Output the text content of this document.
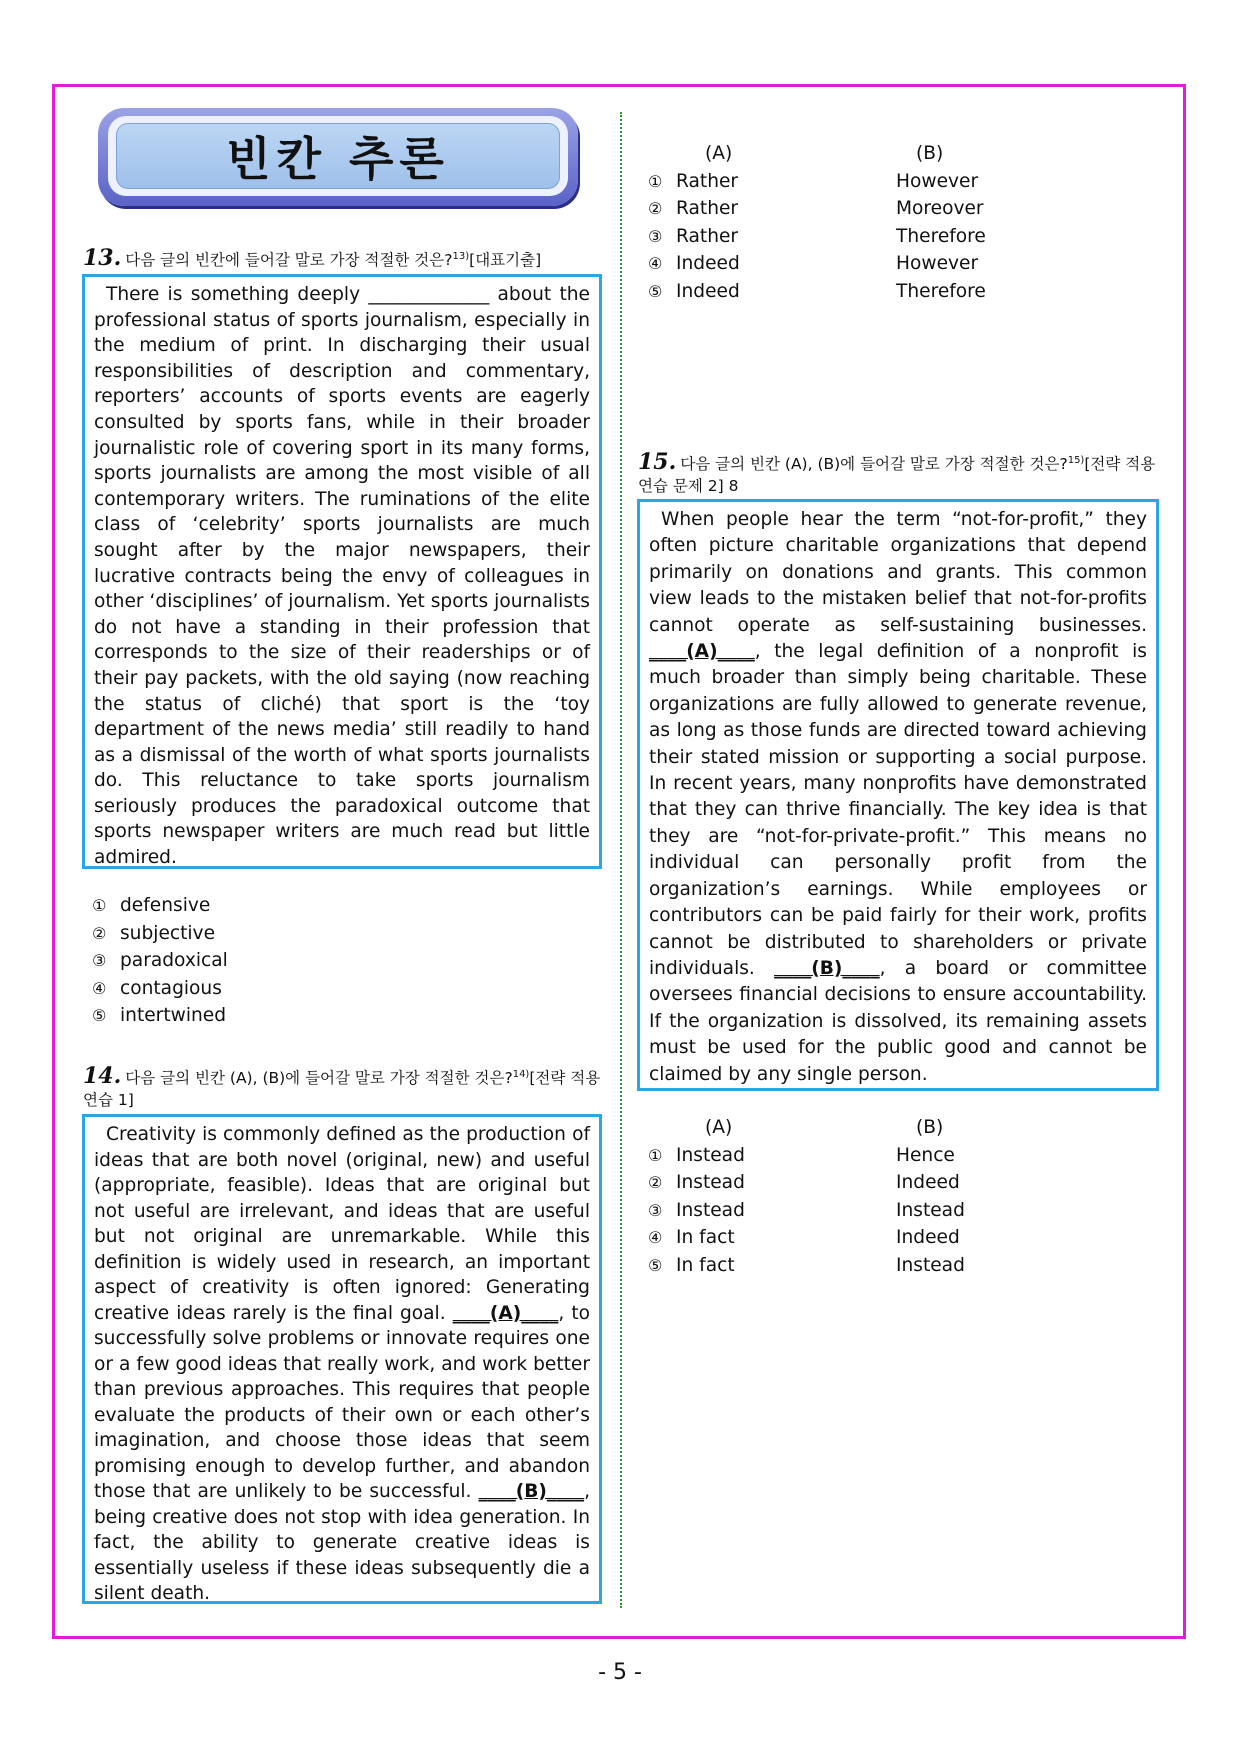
빈칸 추론
13. 다음 글의 빈칸에 들어갈 말로 가장 적절한 것은?$^{13)}$[대표기출]

There is something deeply _____________ about the professional status of sports journalism, especially in the medium of print. In discharging their usual responsibilities of description and commentary, reporters’ accounts of sports events are eagerly consulted by sports fans, while in their broader journalistic role of covering sport in its many forms, sports journalists are among the most visible of all contemporary writers. The ruminations of the elite class of ‘celebrity’ sports journalists are much sought after by the major newspapers, their lucrative contracts being the envy of colleagues in other ‘disciplines’ of journalism. Yet sports journalists do not have a standing in their profession that corresponds to the size of their readerships or of their pay packets, with the old saying (now reaching the status of cliché) that sport is the ‘toy department of the news media’ still readily to hand as a dismissal of the worth of what sports journalists do. This reluctance to take sports journalism seriously produces the paradoxical outcome that sports newspaper writers are much read but little admired.

① defensive
② subjective
③ paradoxical
④ contagious
⑤ intertwined
14. 다음 글의 빈칸 (A), (B)에 들어갈 말로 가장 적절한 것은?$^{14)}$[전략 적용 연습 1]

Creativity is commonly defined as the production of ideas that are both novel (original, new) and useful (appropriate, feasible). Ideas that are original but not useful are irrelevant, and ideas that are useful but not original are unremarkable. While this definition is widely used in research, an important aspect of creativity is often ignored: Generating creative ideas rarely is the final goal. ____(A)____, to successfully solve problems or innovate requires one or a few good ideas that really work, and work better than previous approaches. This requires that people evaluate the products of their own or each other’s imagination, and choose those ideas that seem promising enough to develop further, and abandon those that are unlikely to be successful. ____(B)____, being creative does not stop with idea generation. In fact, the ability to generate creative ideas is essentially useless if these ideas subsequently die a silent death.

(A)	(B)
① Rather	However
② Rather	Moreover
③ Rather	Therefore
④ Indeed	However
⑤ Indeed	Therefore
15. 다음 글의 빈칸 (A), (B)에 들어갈 말로 가장 적절한 것은?$^{15)}$[전략 적용 연습 문제 2] 8

When people hear the term “not-for-profit,” they often picture charitable organizations that depend primarily on donations and grants. This common view leads to the mistaken belief that not-for-profits cannot operate as self-sustaining businesses. ____(A)____, the legal definition of a nonprofit is much broader than simply being charitable. These organizations are fully allowed to generate revenue, as long as those funds are directed toward achieving their stated mission or supporting a social purpose. In recent years, many nonprofits have demonstrated that they can thrive financially. The key idea is that they are “not-for-private-profit.” This means no individual can personally profit from the organization’s earnings. While employees or contributors can be paid fairly for their work, profits cannot be distributed to shareholders or private individuals. ____(B)____, a board or committee oversees financial decisions to ensure accountability. If the organization is dissolved, its remaining assets must be used for the public good and cannot be claimed by any single person.

(A)	(B)
① Instead	Hence
② Instead	Indeed
③ Instead	Instead
④ In fact	Indeed
⑤ In fact	Instead
- 5 -
